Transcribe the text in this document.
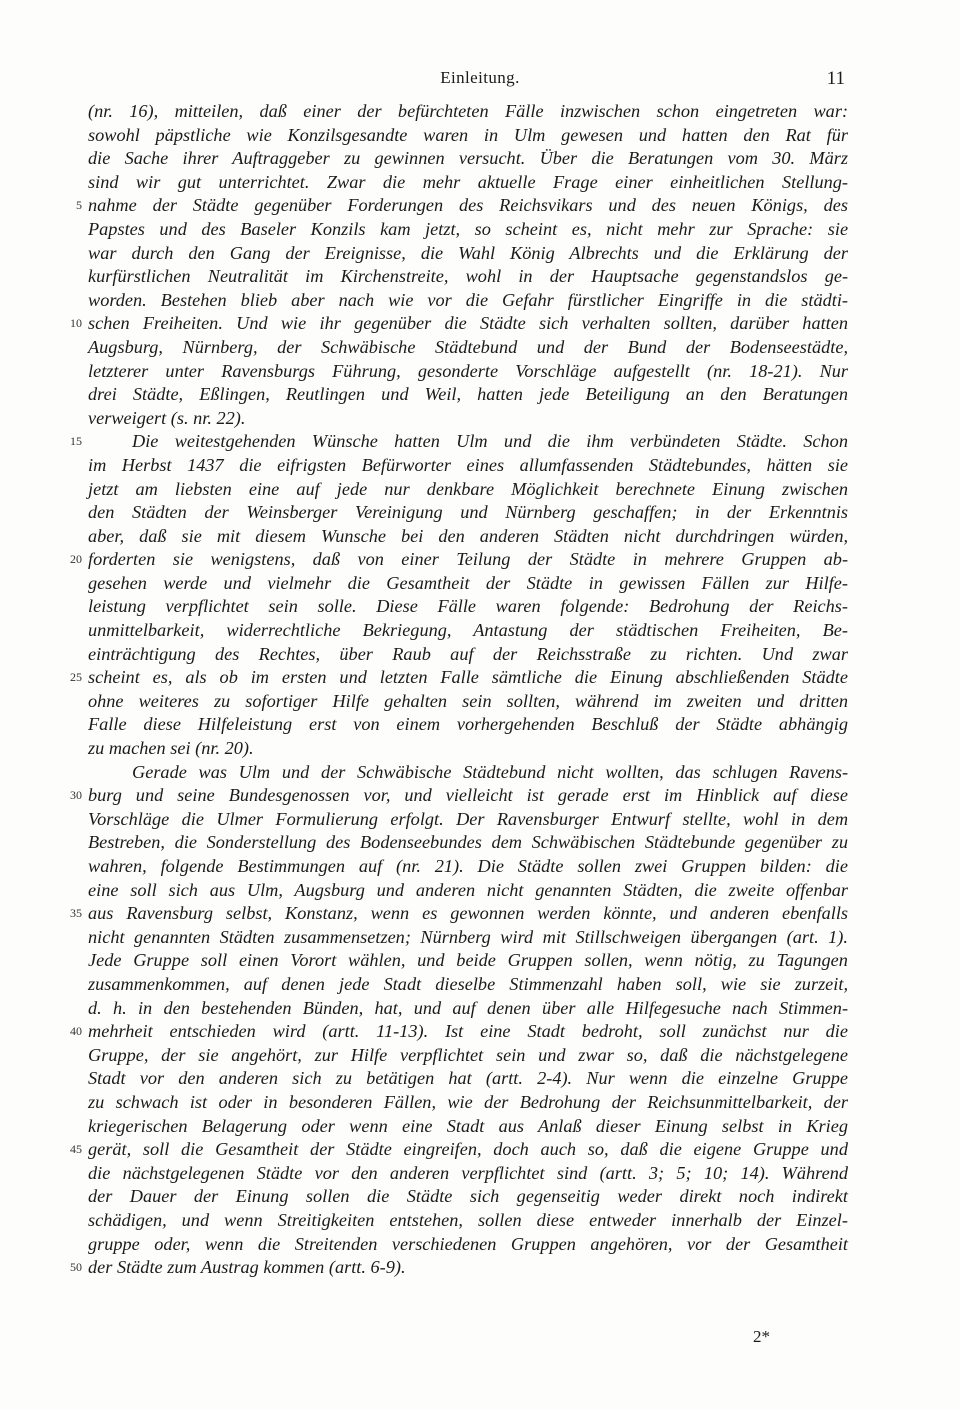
Einleitung.	11
(nr. 16), mitteilen, daß einer der befürchteten Fälle inzwischen schon eingetreten war:
sowohl päpstliche wie Konzilsgesandte waren in Ulm gewesen und hatten den Rat für
die Sache ihrer Auftraggeber zu gewinnen versucht. Über die Beratungen vom 30. März
sind wir gut unterrichtet. Zwar die mehr aktuelle Frage einer einheitlichen Stellung-
5 nahme der Städte gegenüber Forderungen des Reichsvikars und des neuen Königs, des
Papstes und des Baseler Konzils kam jetzt, so scheint es, nicht mehr zur Sprache: sie
war durch den Gang der Ereignisse, die Wahl König Albrechts und die Erklärung der
kurfürstlichen Neutralität im Kirchenstreite, wohl in der Hauptsache gegenstandslos ge-
worden. Bestehen blieb aber nach wie vor die Gefahr fürstlicher Eingriffe in die städti-
10 schen Freiheiten. Und wie ihr gegenüber die Städte sich verhalten sollten, darüber hatten
Augsburg, Nürnberg, der Schwäbische Städtebund und der Bund der Bodenseestädte,
letzterer unter Ravensburgs Führung, gesonderte Vorschläge aufgestellt (nr. 18-21). Nur
drei Städte, Eßlingen, Reutlingen und Weil, hatten jede Beteiligung an den Beratungen
verweigert (s. nr. 22).
15	Die weitestgehenden Wünsche hatten Ulm und die ihm verbündeten Städte. Schon
im Herbst 1437 die eifrigsten Befürworter eines allumfassenden Städtebundes, hätten sie
jetzt am liebsten eine auf jede nur denkbare Möglichkeit berechnete Einung zwischen
den Städten der Weinsberger Vereinigung und Nürnberg geschaffen; in der Erkenntnis
aber, daß sie mit diesem Wunsche bei den anderen Städten nicht durchdringen würden,
20 forderten sie wenigstens, daß von einer Teilung der Städte in mehrere Gruppen ab-
gesehen werde und vielmehr die Gesamtheit der Städte in gewissen Fällen zur Hilfe-
leistung verpflichtet sein solle. Diese Fälle waren folgende: Bedrohung der Reichs-
unmittelbarkeit, widerrechtliche Bekriegung, Antastung der städtischen Freiheiten, Be-
einträchtigung des Rechtes, über Raub auf der Reichsstraße zu richten. Und zwar
25 scheint es, als ob im ersten und letzten Falle sämtliche die Einung abschließenden Städte
ohne weiteres zu sofortiger Hilfe gehalten sein sollten, während im zweiten und dritten
Falle diese Hilfeleistung erst von einem vorhergehenden Beschluß der Städte abhängig
zu machen sei (nr. 20).
Gerade was Ulm und der Schwäbische Städtebund nicht wollten, das schlugen Ravens-
30 burg und seine Bundesgenossen vor, und vielleicht ist gerade erst im Hinblick auf diese
Vorschläge die Ulmer Formulierung erfolgt. Der Ravensburger Entwurf stellte, wohl in dem
Bestreben, die Sonderstellung des Bodenseebundes dem Schwäbischen Städtebunde gegenüber zu
wahren, folgende Bestimmungen auf (nr. 21). Die Städte sollen zwei Gruppen bilden: die
eine soll sich aus Ulm, Augsburg und anderen nicht genannten Städten, die zweite offenbar
35 aus Ravensburg selbst, Konstanz, wenn es gewonnen werden könnte, und anderen ebenfalls
nicht genannten Städten zusammensetzen; Nürnberg wird mit Stillschweigen übergangen (art. 1).
Jede Gruppe soll einen Vorort wählen, und beide Gruppen sollen, wenn nötig, zu Tagungen
zusammenkommen, auf denen jede Stadt dieselbe Stimmenzahl haben soll, wie sie zurzeit,
d. h. in den bestehenden Bünden, hat, und auf denen über alle Hilfegesuche nach Stimmen-
40 mehrheit entschieden wird (artt. 11-13). Ist eine Stadt bedroht, soll zunächst nur die
Gruppe, der sie angehört, zur Hilfe verpflichtet sein und zwar so, daß die nächstgelegene
Stadt vor den anderen sich zu betätigen hat (artt. 2-4). Nur wenn die einzelne Gruppe
zu schwach ist oder in besonderen Fällen, wie der Bedrohung der Reichsunmittelbarkeit, der
kriegerischen Belagerung oder wenn eine Stadt aus Anlaß dieser Einung selbst in Krieg
45 gerät, soll die Gesamtheit der Städte eingreifen, doch auch so, daß die eigene Gruppe und
die nächstgelegenen Städte vor den anderen verpflichtet sind (artt. 3; 5; 10; 14). Während
der Dauer der Einung sollen die Städte sich gegenseitig weder direkt noch indirekt
schädigen, und wenn Streitigkeiten entstehen, sollen diese entweder innerhalb der Einzel-
gruppe oder, wenn die Streitenden verschiedenen Gruppen angehören, vor der Gesamtheit
50 der Städte zum Austrag kommen (artt. 6-9).
2*
